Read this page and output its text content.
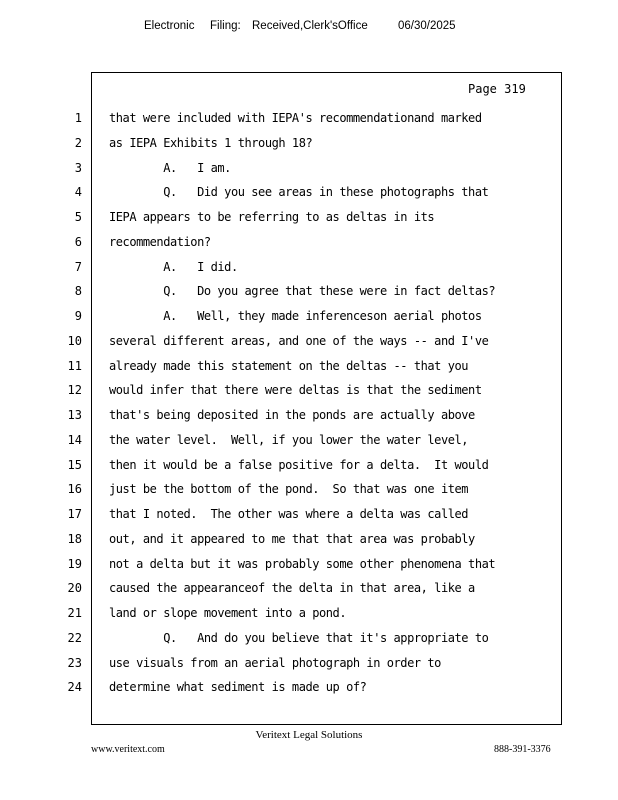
Electronic Filing: Received,Clerk'sOffice	06/30/2025
Page 319
1 that were included with IEPA's recommendationand marked
2 as IEPA Exhibits 1 through 18?
3 A.   I am.
4 Q.   Did you see areas in these photographs that
5 IEPA appears to be referring to as deltas in its
6 recommendation?
7 A.   I did.
8 Q.   Do you agree that these were in fact deltas?
9 A.   Well, they made inferenceson aerial photos
10 several different areas, and one of the ways -- and I've
11 already made this statement on the deltas -- that you
12 would infer that there were deltas is that the sediment
13 that's being deposited in the ponds are actually above
14 the water level.  Well, if you lower the water level,
15 then it would be a false positive for a delta.  It would
16 just be the bottom of the pond.  So that was one item
17 that I noted.  The other was where a delta was called
18 out, and it appeared to me that that area was probably
19 not a delta but it was probably some other phenomena that
20 caused the appearanceof the delta in that area, like a
21 land or slope movement into a pond.
22 Q.   And do you believe that it's appropriate to
23 use visuals from an aerial photograph in order to
24 determine what sediment is made up of?
Veritext Legal Solutions
www.veritext.com	888-391-3376
